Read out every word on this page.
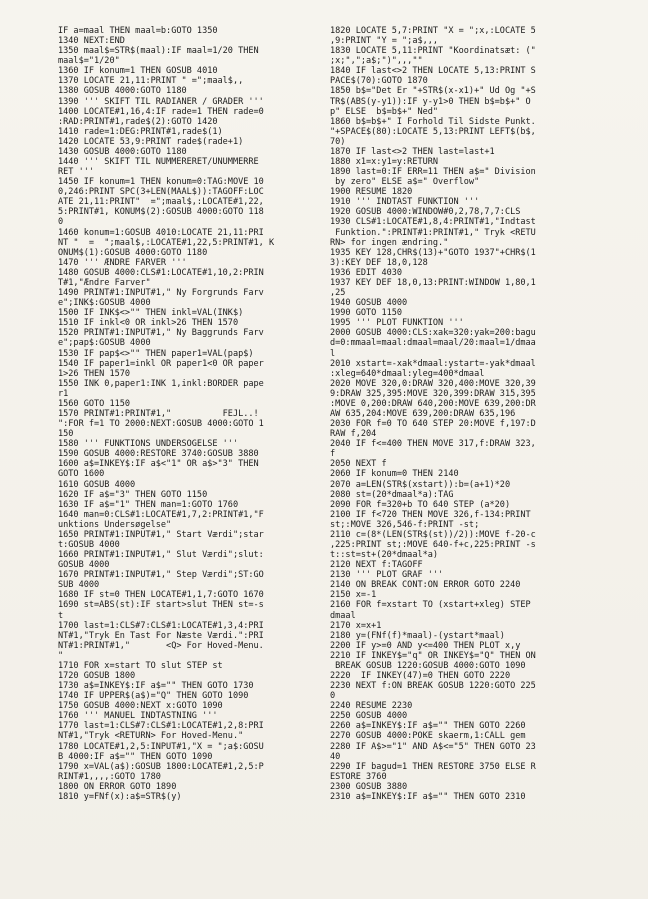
IF a=maal THEN maal=b:GOTO 1350
1340 NEXT:END
1350 maal$=STR$(maal):IF maal=1/20 THEN
maal$="1/20"
1360 IF konum=1 THEN GOSUB 4010
1370 LOCATE 21,11:PRINT " =";maal$,,
1380 GOSUB 4000:GOTO 1180
1390 ''' SKIFT TIL RADIANER / GRADER '''
1400 LOCATE#1,16,4:IF rade=1 THEN rade=0
:RAD:PRINT#1,rade$(2):GOTO 1420
1410 rade=1:DEG:PRINT#1,rade$(1)
1420 LOCATE 53,9:PRINT rade$(rade+1)
1430 GOSUB 4000:GOTO 1180
1440 ''' SKIFT TIL NUMMERERET/UNUMMERRE
RET '''
1450 IF konum=1 THEN konum=0:TAG:MOVE 10
0,246:PRINT SPC(3+LEN(MAAL$)):TAGOFF:LOC
ATE 21,11:PRINT"  =";maal$,:LOCATE#1,22,
5:PRINT#1, KONUM$(2):GOSUB 4000:GOTO 118
0
1460 konum=1:GOSUB 4010:LOCATE 21,11:PRI
NT "  =  ";maal$,:LOCATE#1,22,5:PRINT#1, K
ONUM$(1):GOSUB 4000:GOTO 1180
1470 ''' ÆNDRE FARVER '''
1480 GOSUB 4000:CLS#1:LOCATE#1,10,2:PRIN
T#1,"Ændre Farver"
1490 PRINT#1:INPUT#1," Ny Forgrunds Farv
e";INK$:GOSUB 4000
1500 IF INK$<>"" THEN inkl=VAL(INK$)
1510 IF inkl<0 OR inkl>26 THEN 1570
1520 PRINT#1:INPUT#1," Ny Baggrunds Farv
e";pap$:GOSUB 4000
1530 IF pap$<>"" THEN paper1=VAL(pap$)
1540 IF paper1=inkl OR paper1<0 OR paper
1>26 THEN 1570
1550 INK 0,paper1:INK 1,inkl:BORDER pape
r1
1560 GOTO 1150
1570 PRINT#1:PRINT#1,"          FEJL..!
":FOR f=1 TO 2000:NEXT:GOSUB 4000:GOTO 1
150
1580 ''' FUNKTIONS UNDERSOGELSE '''
1590 GOSUB 4000:RESTORE 3740:GOSUB 3880
1600 a$=INKEY$:IF a$<"1" OR a$>"3" THEN
GOTO 1600
1610 GOSUB 4000
1620 IF a$="3" THEN GOTO 1150
1630 IF a$="1" THEN man=1:GOTO 1760
1640 man=0:CLS#1:LOCATE#1,7,2:PRINT#1,"F
unktions Undersøgelse"
1650 PRINT#1:INPUT#1," Start Værdi";star
t:GOSUB 4000
1660 PRINT#1:INPUT#1," Slut Værdi";slut:
GOSUB 4000
1670 PRINT#1:INPUT#1," Step Værdi";ST:GO
SUB 4000
1680 IF st=0 THEN LOCATE#1,1,7:GOTO 1670
1690 st=ABS(st):IF start>slut THEN st=-s
t
1700 last=1:CLS#7:CLS#1:LOCATE#1,3,4:PRI
NT#1,"Tryk En Tast For Næste Værdi.":PRI
NT#1:PRINT#1,"       <Q> For Hoved-Menu.
"
1710 FOR x=start TO slut STEP st
1720 GOSUB 1800
1730 a$=INKEY$:IF a$="" THEN GOTO 1730
1740 IF UPPER$(a$)="Q" THEN GOTO 1090
1750 GOSUB 4000:NEXT x:GOTO 1090
1760 ''' MANUEL INDTASTNING '''
1770 last=1:CLS#7:CLS#1:LOCATE#1,2,8:PRI
NT#1,"Tryk <RETURN> For Hoved-Menu."
1780 LOCATE#1,2,5:INPUT#1,"X = ";a$:GOSU
B 4000:IF a$="" THEN GOTO 1090
1790 x=VAL(a$):GOSUB 1800:LOCATE#1,2,5:P
RINT#1,,,,:GOTO 1780
1800 ON ERROR GOTO 1890
1810 y=FNf(x):a$=STR$(y)
1820 LOCATE 5,7:PRINT "X = ";x,:LOCATE 5
,9:PRINT "Y = ";a$,,,
1830 LOCATE 5,11:PRINT "Koordinatsæt: ("
;x;",";a$;")",,,""
1840 IF last<>2 THEN LOCATE 5,13:PRINT S
PACE$(70):GOTO 1870
1850 b$="Det Er "+STR$(x-x1)+" Ud Og "+S
TR$(ABS(y-y1)):IF y-y1>0 THEN b$=b$+" O
p" ELSE  b$=b$+" Ned"
1860 b$=b$+" I Forhold Til Sidste Punkt.
"+SPACE$(80):LOCATE 5,13:PRINT LEFT$(b$,
70)
1870 IF last<>2 THEN last=last+1
1880 x1=x:y1=y:RETURN
1890 last=0:IF ERR=11 THEN a$=" Division
by zero" ELSE a$=" Overflow"
1900 RESUME 1820
1910 ''' INDTAST FUNKTION '''
1920 GOSUB 4000:WINDOW#0,2,78,7,7:CLS
1930 CLS#1:LOCATE#1,8,4:PRINT#1,"Indtast
Funktion.":PRINT#1:PRINT#1," Tryk <RETU
RN> for ingen ændring."
1935 KEY 128,CHR$(13)+"GOTO 1937"+CHR$(1
3):KEY DEF 18,0,128
1936 EDIT 4030
1937 KEY DEF 18,0,13:PRINT:WINDOW 1,80,1
,25
1940 GOSUB 4000
1990 GOTO 1150
1995 ''' PLOT FUNKTION '''
2000 GOSUB 4000:CLS:xak=320:yak=200:bagu
d=0:mmaal=maal:dmaal=maal/20:maal=1/dmaa
l
2010 xstart=-xak*dmaal:ystart=-yak*dmaal
:xleg=640*dmaal:yleg=400*dmaal
2020 MOVE 320,0:DRAW 320,400:MOVE 320,39
9:DRAW 325,395:MOVE 320,399:DRAW 315,395
:MOVE 0,200:DRAW 640,200:MOVE 639,200:DR
AW 635,204:MOVE 639,200:DRAW 635,196
2030 FOR f=0 TO 640 STEP 20:MOVE f,197:D
RAW f,204
2040 IF f<=400 THEN MOVE 317,f:DRAW 323,
f
2050 NEXT f
2060 IF konum=0 THEN 2140
2070 a=LEN(STR$(xstart)):b=(a+1)*20
2080 st=(20*dmaal*a):TAG
2090 FOR f=320+b TO 640 STEP (a*20)
2100 IF f<720 THEN MOVE 326,f-134:PRINT
st;:MOVE 326,546-f:PRINT -st;
2110 c=(8*(LEN(STR$(st))/2)):MOVE f-20-c
,225:PRINT st;:MOVE 640-f+c,225:PRINT -s
t::st=st+(20*dmaal*a)
2120 NEXT f:TAGOFF
2130 ''' PLOT GRAF '''
2140 ON BREAK CONT:ON ERROR GOTO 2240
2150 x=-1
2160 FOR f=xstart TO (xstart+xleg) STEP
dmaal
2170 x=x+1
2180 y=(FNf(f)*maal)-(ystart*maal)
2200 IF y>=0 AND y<=400 THEN PLOT x,y
2210 IF INKEY$="q" OR INKEY$="Q" THEN ON
BREAK GOSUB 1220:GOSUB 4000:GOTO 1090
2220  IF INKEY(47)=0 THEN GOTO 2220
2230 NEXT f:ON BREAK GOSUB 1220:GOTO 225
0
2240 RESUME 2230
2250 GOSUB 4000
2260 a$=INKEY$:IF a$="" THEN GOTO 2260
2270 GOSUB 4000:POKE skaerm,1:CALL gem
2280 IF A$>="1" AND A$<="5" THEN GOTO 23
40
2290 IF bagud=1 THEN RESTORE 3750 ELSE R
ESTORE 3760
2300 GOSUB 3880
2310 a$=INKEY$:IF a$="" THEN GOTO 2310
